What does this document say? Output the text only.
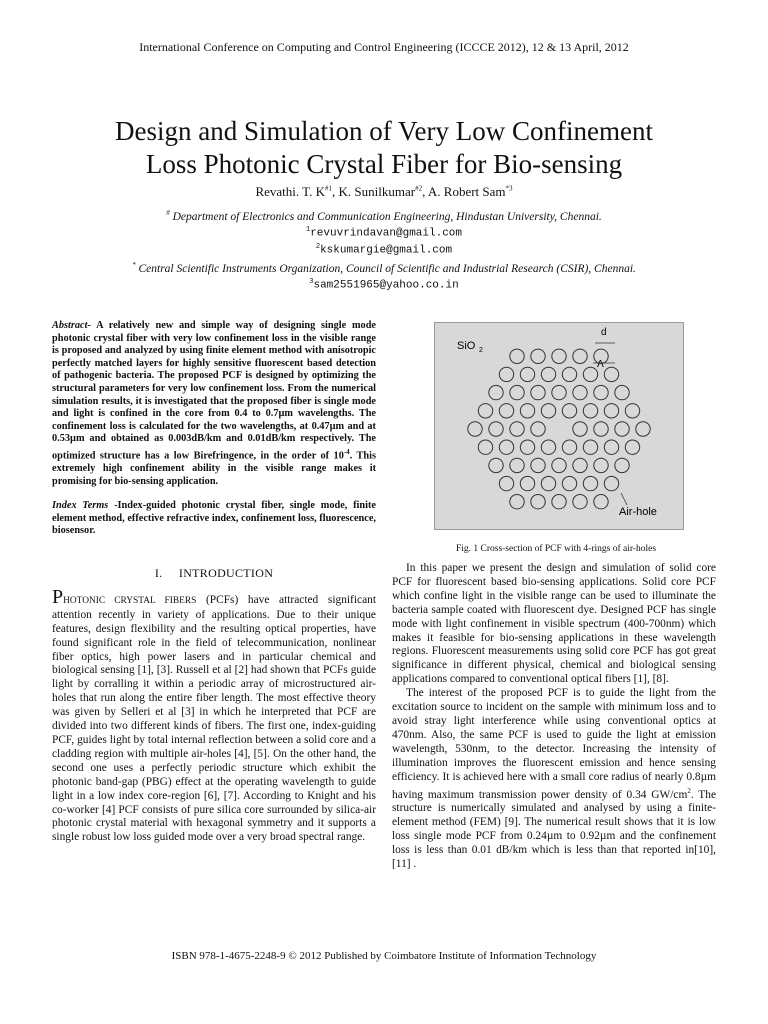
International Conference on Computing and Control Engineering (ICCCE 2012), 12 & 13 April, 2012
Design and Simulation of Very Low Confinement
Loss Photonic Crystal Fiber for Bio-sensing
Revathi. T. $K^{\#1}$, K. Sunilkumar$^{\#2}$, A. Robert Sam$^{*3}$
# Department of Electronics and Communication Engineering, Hindustan University, Chennai.
$^1$revuvrindavan@gmail.com
$^2$kskumargie@gmail.com
* Central Scientific Instruments Organization, Council of Scientific and Industrial Research (CSIR), Chennai.
$^3$sam2551965@yahoo.co.in

Abstract- A relatively new and simple way of designing single mode photonic crystal fiber with very low confinement loss in the visible range is proposed and analyzed by using finite element method with anisotropic perfectly matched layers for highly sensitive fluorescent based detection of pathogenic bacteria. The proposed PCF is designed by optimizing the structural parameters for very low confinement loss. From the numerical simulation results, it is investigated that the proposed fiber is single mode and light is confined in the core from 0.4 to 0.7µm wavelengths. The confinement loss is calculated for the two wavelengths, at 0.47µm and at 0.53µm and obtained as 0.003dB/km and 0.01dB/km respectively. The optimized structure has a low Birefringence, in the order of $10^{-4}$. This extremely high confinement ability in the visible range makes it promising for bio-sensing application.

Index Terms -Index-guided photonic crystal fiber, single mode, finite element method, effective refractive index, confinement loss, fluorescence, biosensor.

I.     INTRODUCTION

PHOTONIC CRYSTAL FIBERS (PCFs) have attracted significant attention recently in variety of applications. Due to their unique features, design flexibility and the resulting optical properties, have found significant role in the field of telecommunication, nonlinear fiber optics, high power lasers and in particular chemical and biological sensing [1], [3]. Russell et al [2] had shown that PCFs guide light by corralling it within a periodic array of microstructured air-holes that run along the entire fiber length. The most effective theory was given by Selleri et al [3] in which he interpreted that PCF are divided into two different kinds of fibers. The first one, index-guiding PCF, guides light by total internal reflection between a solid core and a cladding region with multiple air-holes [4], [5]. On the other hand, the second one uses a perfectly periodic structure which exhibit the photonic band-gap (PBG) effect at the operating wavelength to guide light in a low index core-region [6], [7]. According to Knight and his co-worker [4] PCF consists of pure silica core surrounded by silica-air photonic crystal material with hexagonal symmetry and it supports a single robust low loss guided mode over a very broad spectral range.

SiO 2
d
Λ
Air-hole
Fig. 1 Cross-section of PCF with 4-rings of air-holes

In this paper we present the design and simulation of solid core PCF for fluorescent based bio-sensing applications. Solid core PCF which confine light in the visible range can be used to illuminate the bacteria sample coated with fluorescent dye. Designed PCF has single mode with light confinement in visible spectrum (400-700nm) which makes it feasible for bio-sensing applications in these wavelength regions. Fluorescent measurements using solid core PCF has got great significance in different physical, chemical and biological sensing applications compared to conventional optical fibers [1], [8].

The interest of the proposed PCF is to guide the light from the excitation source to incident on the sample with minimum loss and to avoid stray light interference while using conventional optics at 470nm. Also, the same PCF is used to guide the light at emission wavelength, 530nm, to the detector. Increasing the intensity of illumination improves the fluorescent emission and hence sensing efficiency. It is achieved here with a small core radius of nearly 0.8µm having maximum transmission power density of 0.34 $GW/cm^2$. The structure is numerically simulated and analysed by using a finite-element method (FEM) [9]. The numerical result shows that it is low loss single mode PCF from 0.24µm to 0.92µm and the confinement loss is less than 0.01 dB/km which is less than that reported in[10], [11] .

ISBN 978-1-4675-2248-9 © 2012 Published by Coimbatore Institute of Information Technology
